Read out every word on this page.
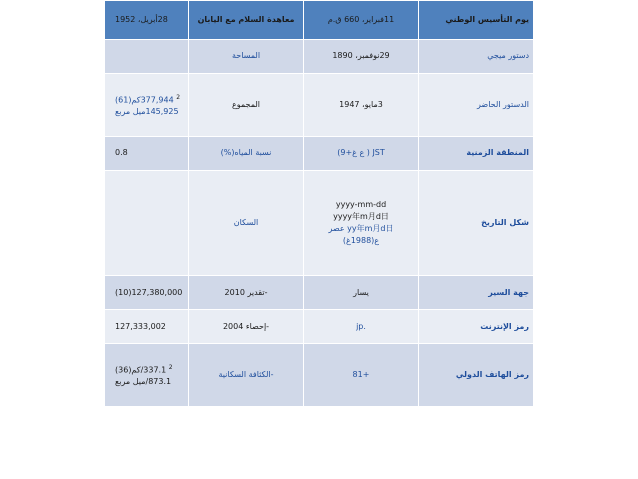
يوم التأسيس الوطني	11فبراير، 660 ق.م	معاهدة السلام مع اليابان	28أبريل، 1952
دستور ميجي	29نوفمبر، 1890	المساحة	
الدستور الحاضر	3مايو، 1947	المجموع	$^2$ 377,944كم(61)
145,925ميل مربع

المنطقة الزمنية	JST ( ع غ+9)	نسبة المياه(%)	0.8
شكل التاريخ	yyyy-mm-dd
yyyy年m月d日
yy年m月d日 عصر
ع(1988غ)	السكان	
جهة السير	يسار	-تقدير 2010	127,380,000(10)
رمز الإنترنت	.jp	-إحصاء 2004	127,333,002
رمز الهاتف الدولي	+81	-الكثافة السكانية	$^2$ 337.1/كم(36)
873.1/ميل مربع
